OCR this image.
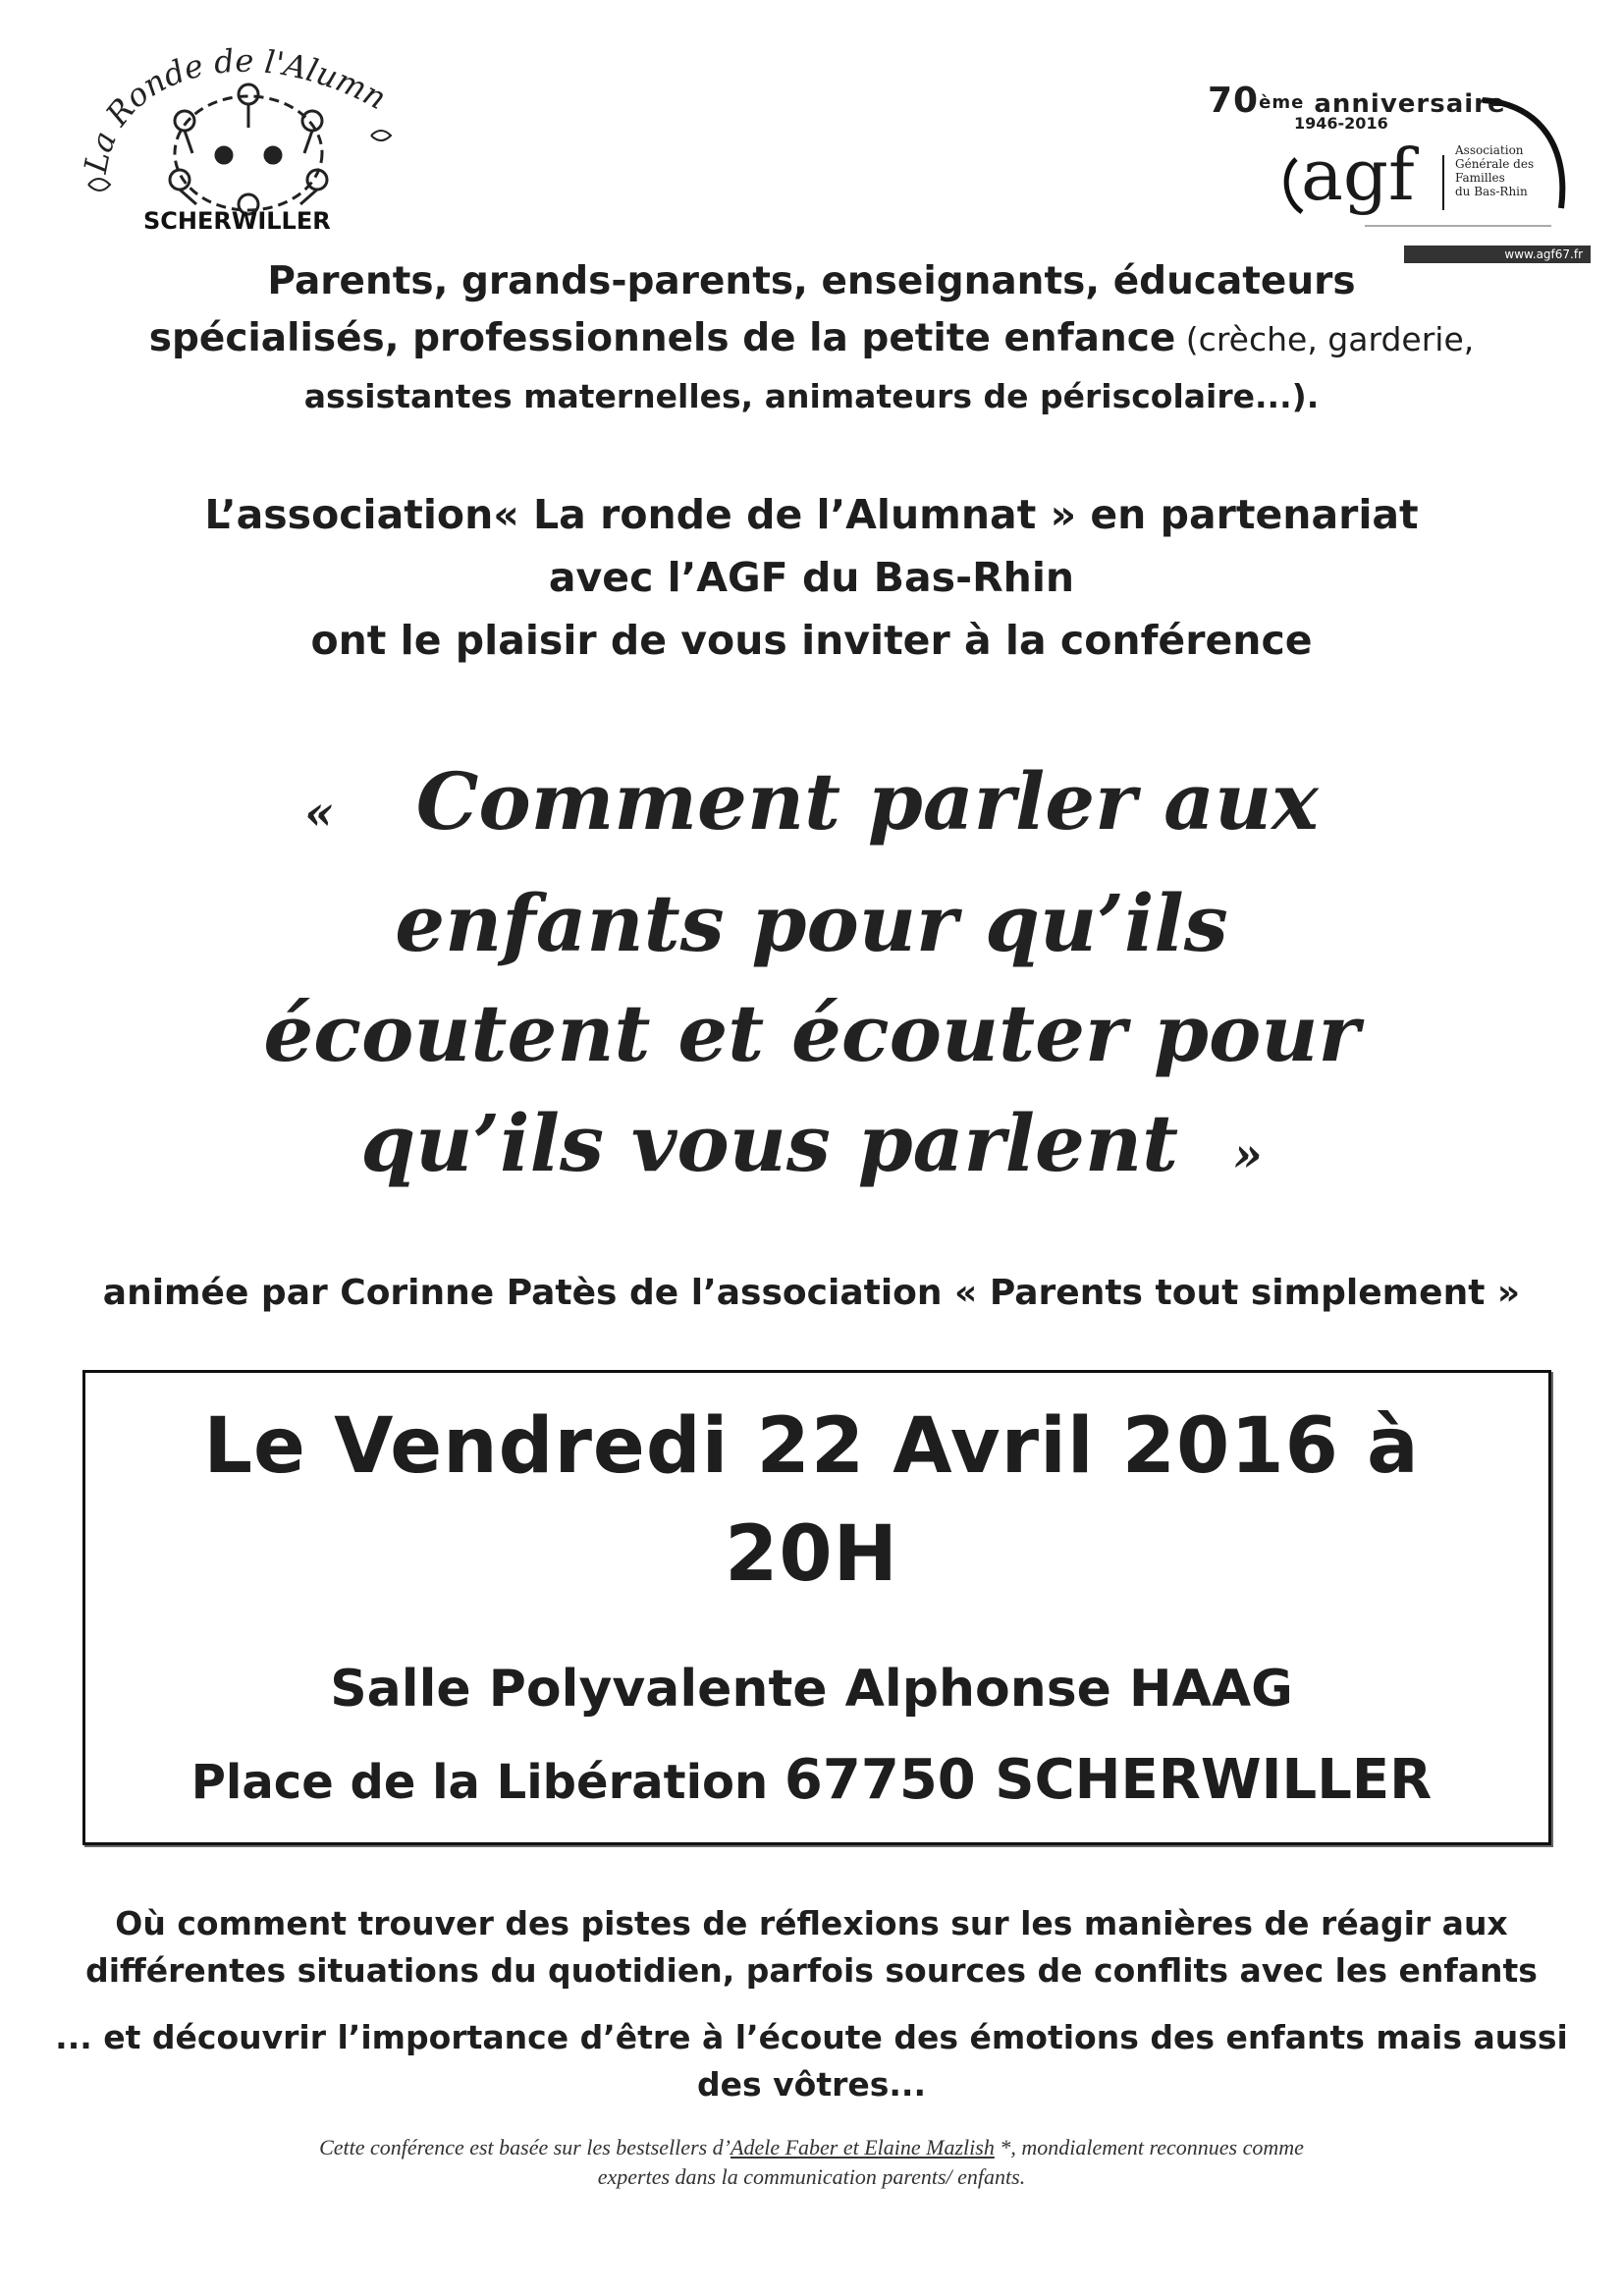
La Ronde de l'Alumn
SCHERWILLER
70ème anniversaire
1946-2016
agf	Association
Générale des
Familles
du Bas-Rhin
www.agf67.fr
Parents, grands-parents, enseignants, éducateurs
spécialisés, professionnels de la petite enfance (crèche, garderie,
assistantes maternelles, animateurs de périscolaire...).
L’association« La ronde de l’Alumnat » en partenariat
avec l’AGF du Bas-Rhin
ont le plaisir de vous inviter à la conférence
« Comment parler aux
enfants pour qu’ils
écoutent et écouter pour
qu’ils vous parlent »
animée par Corinne Patès de l’association « Parents tout simplement »
Le Vendredi 22 Avril 2016 à
20H
Salle Polyvalente Alphonse HAAG
Place de la Libération 67750 SCHERWILLER

Où comment trouver des pistes de réflexions sur les manières de réagir aux

différentes situations du quotidien, parfois sources de conflits avec les enfants

... et découvrir l’importance d’être à l’écoute des émotions des enfants mais aussi

des vôtres...

Cette conférence est basée sur les bestsellers d’Adele Faber et Elaine Mazlish *, mondialement reconnues comme
expertes dans la communication parents/ enfants.
